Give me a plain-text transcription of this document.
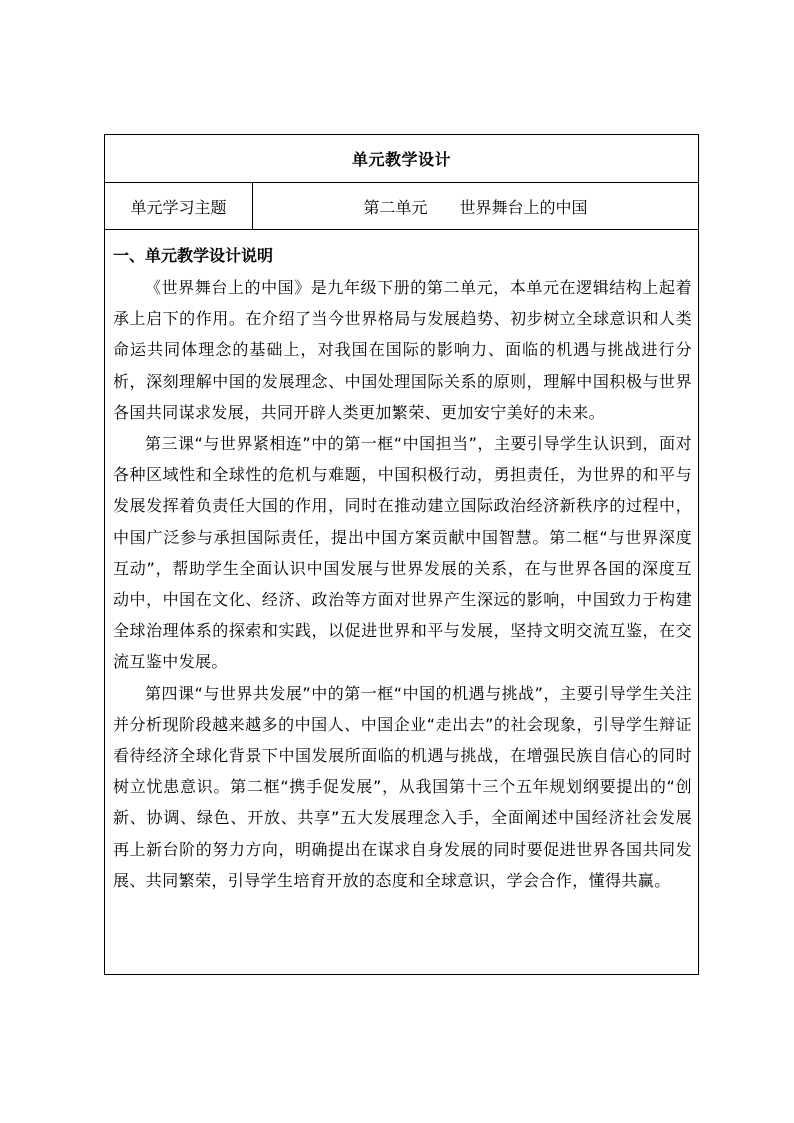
单元教学设计
单元学习主题	第二单元　　世界舞台上的中国
一、单元教学设计说明

《世界舞台上的中国》是九年级下册的第二单元，本单元在逻辑结构上起着承上启下的作用。在介绍了当今世界格局与发展趋势、初步树立全球意识和人类命运共同体理念的基础上，对我国在国际的影响力、面临的机遇与挑战进行分析，深刻理解中国的发展理念、中国处理国际关系的原则，理解中国积极与世界各国共同谋求发展，共同开辟人类更加繁荣、更加安宁美好的未来。

第三课“与世界紧相连”中的第一框“中国担当”，主要引导学生认识到，面对各种区域性和全球性的危机与难题，中国积极行动，勇担责任，为世界的和平与发展发挥着负责任大国的作用，同时在推动建立国际政治经济新秩序的过程中，中国广泛参与承担国际责任，提出中国方案贡献中国智慧。第二框“与世界深度互动”，帮助学生全面认识中国发展与世界发展的关系，在与世界各国的深度互动中，中国在文化、经济、政治等方面对世界产生深远的影响，中国致力于构建全球治理体系的探索和实践，以促进世界和平与发展，坚持文明交流互鉴，在交流互鉴中发展。

第四课“与世界共发展”中的第一框“中国的机遇与挑战”，主要引导学生关注并分析现阶段越来越多的中国人、中国企业“走出去”的社会现象，引导学生辩证看待经济全球化背景下中国发展所面临的机遇与挑战，在增强民族自信心的同时树立忧患意识。第二框“携手促发展”，从我国第十三个五年规划纲要提出的“创新、协调、绿色、开放、共享”五大发展理念入手，全面阐述中国经济社会发展再上新台阶的努力方向，明确提出在谋求自身发展的同时要促进世界各国共同发展、共同繁荣，引导学生培育开放的态度和全球意识，学会合作，懂得共赢。
